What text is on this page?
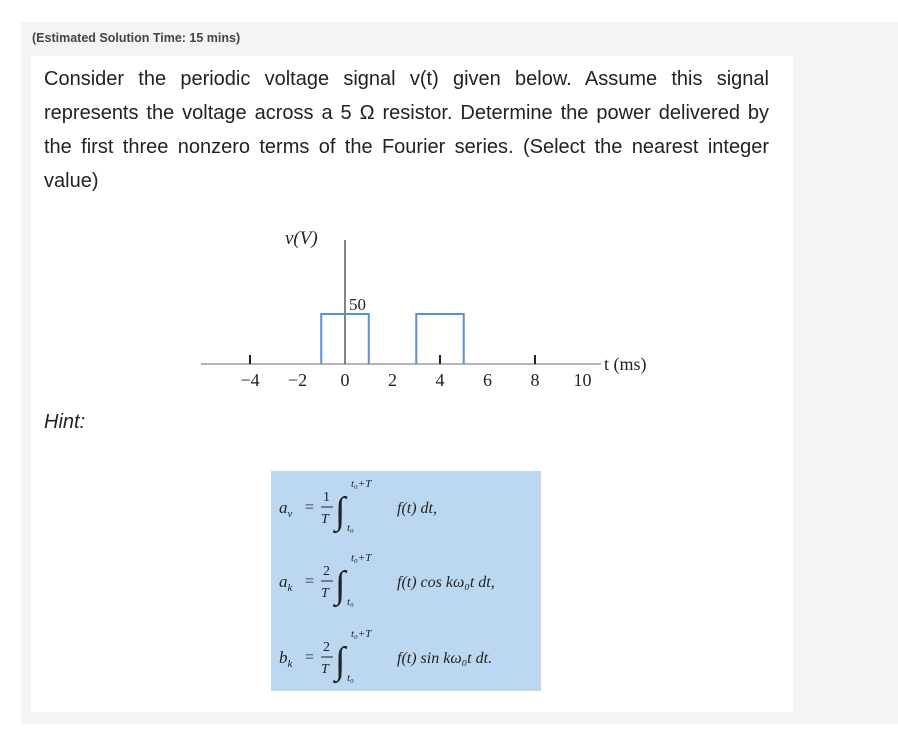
(Estimated Solution Time: 15 mins)
Consider the periodic voltage signal v(t) given below. Assume this signal represents the voltage across a 5 Ω resistor. Determine the power delivered by the first three nonzero terms of the Fourier series. (Select the nearest integer value)
v(V)
t (ms)
50
−4 −2 0 2 4 6 8 10
Hint:
$a_v$ =
1
T ∫
t₀+T
t₀
f(t) dt,
$a_k$ =
2
T ∫
t₀+T
t₀
f(t) cos kω₀t dt,
$b_k$ =
2
T ∫
t₀+T
t₀
f(t) sin kω₀t dt.
